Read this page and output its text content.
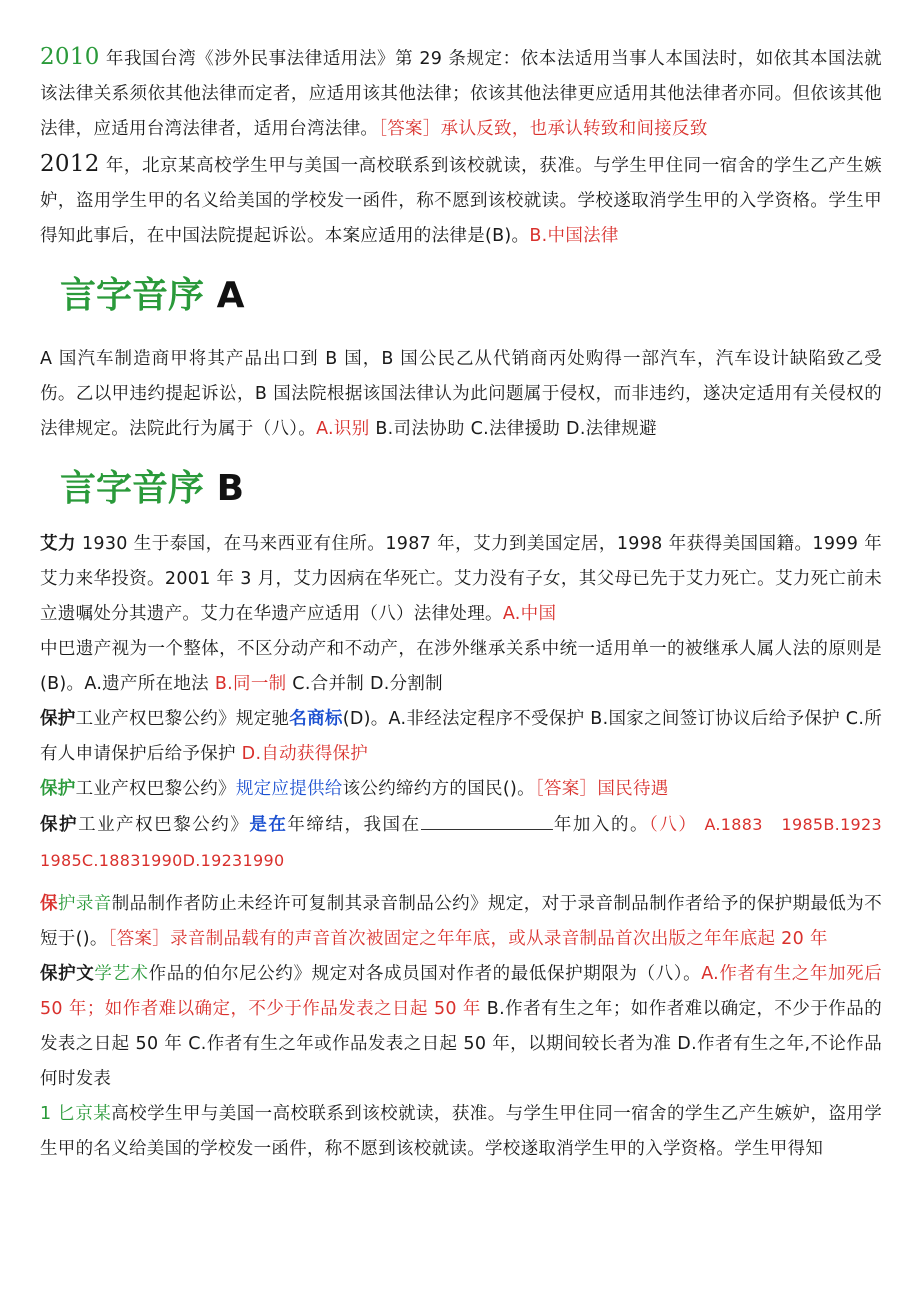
2010 年我国台湾《涉外民事法律适用法》第 29 条规定：依本法适用当事人本国法时，如依其本国法就该法律关系须依其他法律而定者，应适用该其他法律；依该其他法律更应适用其他法律者亦同。但依该其他法律，应适用台湾法律者，适用台湾法律。［答案］承认反致，也承认转致和间接反致

2012 年，北京某高校学生甲与美国一高校联系到该校就读，获准。与学生甲住同一宿舍的学生乙产生嫉妒，盗用学生甲的名义给美国的学校发一函件，称不愿到该校就读。学校遂取消学生甲的入学资格。学生甲得知此事后，在中国法院提起诉讼。本案应适用的法律是(B)。B.中国法律

言字音序 A

A 国汽车制造商甲将其产品出口到 B 国，B 国公民乙从代销商丙处购得一部汽车，汽车设计缺陷致乙受伤。乙以甲违约提起诉讼，B 国法院根据该国法律认为此问题属于侵权，而非违约，遂决定适用有关侵权的法律规定。法院此行为属于（八）。A.识别 B.司法协助 C.法律援助 D.法律规避

言字音序 B

艾力 1930 生于泰国，在马来西亚有住所。1987 年，艾力到美国定居，1998 年获得美国国籍。1999 年艾力来华投资。2001 年 3 月，艾力因病在华死亡。艾力没有子女，其父母已先于艾力死亡。艾力死亡前未立遗嘱处分其遗产。艾力在华遗产应适用（八）法律处理。A.中国

中巴遗产视为一个整体，不区分动产和不动产，在涉外继承关系中统一适用单一的被继承人属人法的原则是(B)。A.遗产所在地法 B.同一制 C.合并制 D.分割制

保护工业产权巴黎公约》规定驰名商标(D)。A.非经法定程序不受保护 B.国家之间签订协议后给予保护 C.所有人申请保护后给予保护 D.自动获得保护

保护工业产权巴黎公约》规定应提供给该公约缔约方的国民()。［答案］国民待遇

保护工业产权巴黎公约》是在年缔结，我国在	年加入的。（八） A.1883　1985B.1923　1985C.18831990D.19231990

保护录音制品制作者防止未经许可复制其录音制品公约》规定，对于录音制品制作者给予的保护期最低为不短于()。［答案］录音制品载有的声音首次被固定之年年底，或从录音制品首次出版之年年底起 20 年

保护文学艺术作品的伯尔尼公约》规定对各成员国对作者的最低保护期限为（八）。A.作者有生之年加死后 50 年；如作者难以确定，不少于作品发表之日起 50 年 B.作者有生之年；如作者难以确定，不少于作品的发表之日起 50 年 C.作者有生之年或作品发表之日起 50 年，以期间较长者为准 D.作者有生之年,不论作品何时发表

1 匕京某高校学生甲与美国一高校联系到该校就读，获准。与学生甲住同一宿舍的学生乙产生嫉妒，盗用学生甲的名义给美国的学校发一函件，称不愿到该校就读。学校遂取消学生甲的入学资格。学生甲得知
